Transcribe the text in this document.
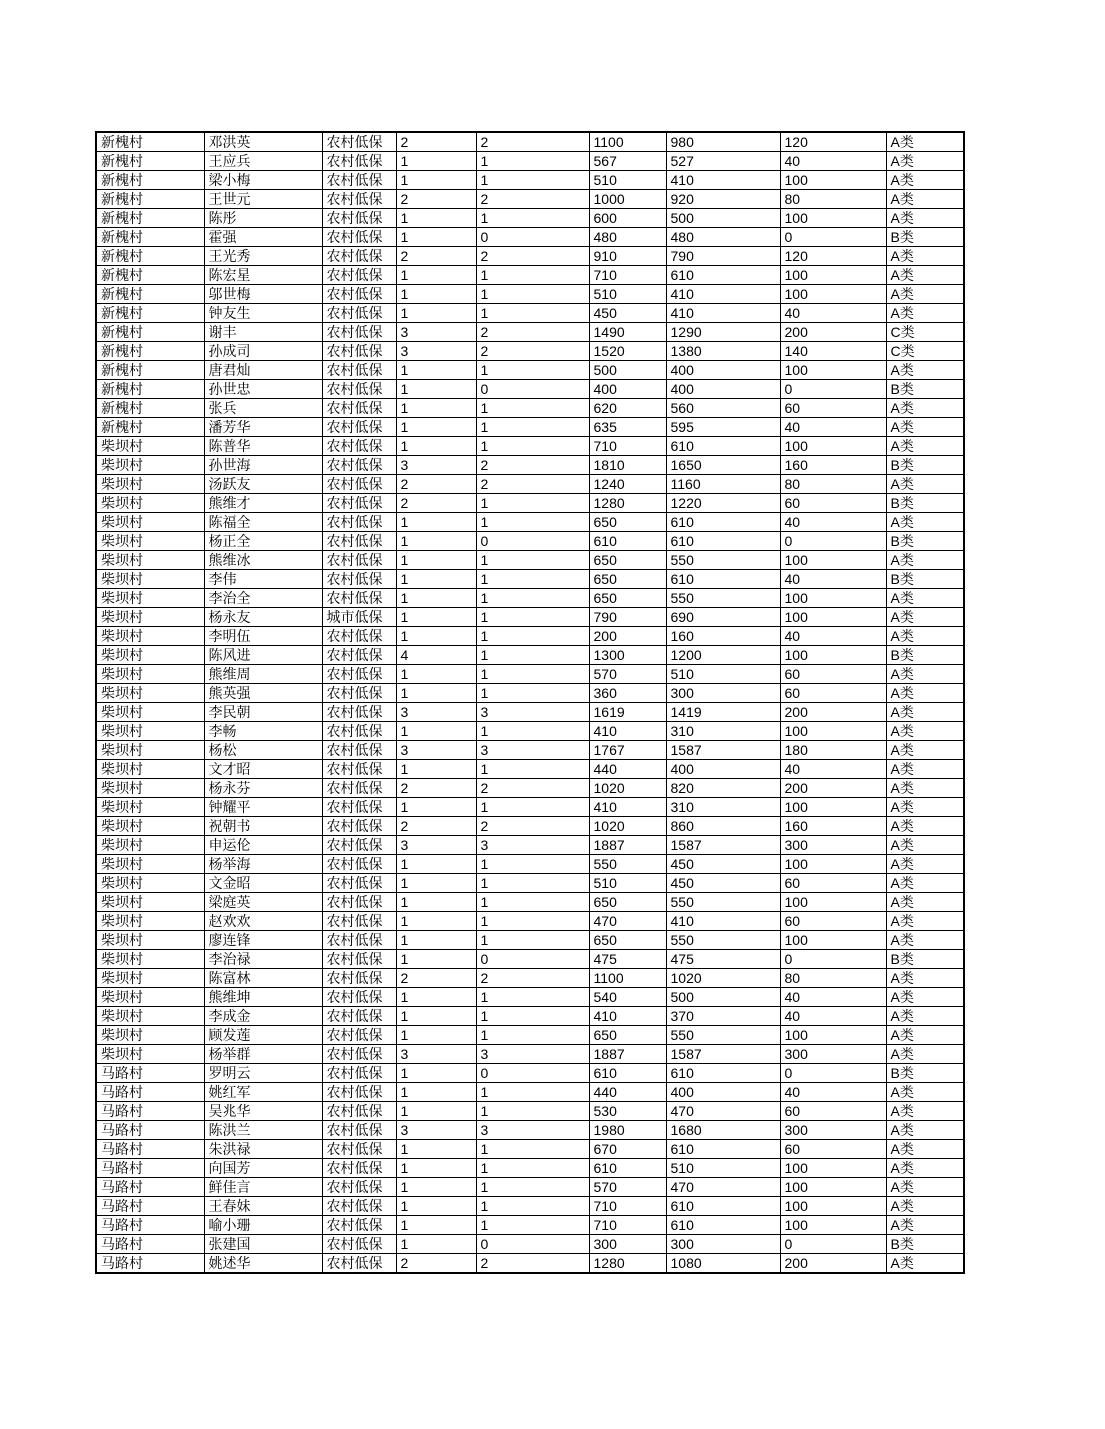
新槐村	邓洪英	农村低保	2	2	1100	980	120	A类
新槐村	王应兵	农村低保	1	1	567	527	40	A类
新槐村	梁小梅	农村低保	1	1	510	410	100	A类
新槐村	王世元	农村低保	2	2	1000	920	80	A类
新槐村	陈彤	农村低保	1	1	600	500	100	A类
新槐村	霍强	农村低保	1	0	480	480	0	B类
新槐村	王光秀	农村低保	2	2	910	790	120	A类
新槐村	陈宏星	农村低保	1	1	710	610	100	A类
新槐村	邬世梅	农村低保	1	1	510	410	100	A类
新槐村	钟友生	农村低保	1	1	450	410	40	A类
新槐村	谢丰	农村低保	3	2	1490	1290	200	C类
新槐村	孙成司	农村低保	3	2	1520	1380	140	C类
新槐村	唐君灿	农村低保	1	1	500	400	100	A类
新槐村	孙世忠	农村低保	1	0	400	400	0	B类
新槐村	张兵	农村低保	1	1	620	560	60	A类
新槐村	潘芳华	农村低保	1	1	635	595	40	A类
柴坝村	陈普华	农村低保	1	1	710	610	100	A类
柴坝村	孙世海	农村低保	3	2	1810	1650	160	B类
柴坝村	汤跃友	农村低保	2	2	1240	1160	80	A类
柴坝村	熊维才	农村低保	2	1	1280	1220	60	B类
柴坝村	陈福全	农村低保	1	1	650	610	40	A类
柴坝村	杨正全	农村低保	1	0	610	610	0	B类
柴坝村	熊维冰	农村低保	1	1	650	550	100	A类
柴坝村	李伟	农村低保	1	1	650	610	40	B类
柴坝村	李治全	农村低保	1	1	650	550	100	A类
柴坝村	杨永友	城市低保	1	1	790	690	100	A类
柴坝村	李明伍	农村低保	1	1	200	160	40	A类
柴坝村	陈风进	农村低保	4	1	1300	1200	100	B类
柴坝村	熊维周	农村低保	1	1	570	510	60	A类
柴坝村	熊英强	农村低保	1	1	360	300	60	A类
柴坝村	李民朝	农村低保	3	3	1619	1419	200	A类
柴坝村	李畅	农村低保	1	1	410	310	100	A类
柴坝村	杨松	农村低保	3	3	1767	1587	180	A类
柴坝村	文才昭	农村低保	1	1	440	400	40	A类
柴坝村	杨永芬	农村低保	2	2	1020	820	200	A类
柴坝村	钟耀平	农村低保	1	1	410	310	100	A类
柴坝村	祝朝书	农村低保	2	2	1020	860	160	A类
柴坝村	申运伦	农村低保	3	3	1887	1587	300	A类
柴坝村	杨举海	农村低保	1	1	550	450	100	A类
柴坝村	文金昭	农村低保	1	1	510	450	60	A类
柴坝村	梁庭英	农村低保	1	1	650	550	100	A类
柴坝村	赵欢欢	农村低保	1	1	470	410	60	A类
柴坝村	廖连锋	农村低保	1	1	650	550	100	A类
柴坝村	李治禄	农村低保	1	0	475	475	0	B类
柴坝村	陈富林	农村低保	2	2	1100	1020	80	A类
柴坝村	熊维坤	农村低保	1	1	540	500	40	A类
柴坝村	李成金	农村低保	1	1	410	370	40	A类
柴坝村	顾发莲	农村低保	1	1	650	550	100	A类
柴坝村	杨举群	农村低保	3	3	1887	1587	300	A类
马路村	罗明云	农村低保	1	0	610	610	0	B类
马路村	姚红军	农村低保	1	1	440	400	40	A类
马路村	吴兆华	农村低保	1	1	530	470	60	A类
马路村	陈洪兰	农村低保	3	3	1980	1680	300	A类
马路村	朱洪禄	农村低保	1	1	670	610	60	A类
马路村	向国芳	农村低保	1	1	610	510	100	A类
马路村	鲜佳言	农村低保	1	1	570	470	100	A类
马路村	王春妹	农村低保	1	1	710	610	100	A类
马路村	喻小珊	农村低保	1	1	710	610	100	A类
马路村	张建国	农村低保	1	0	300	300	0	B类
马路村	姚述华	农村低保	2	2	1280	1080	200	A类
